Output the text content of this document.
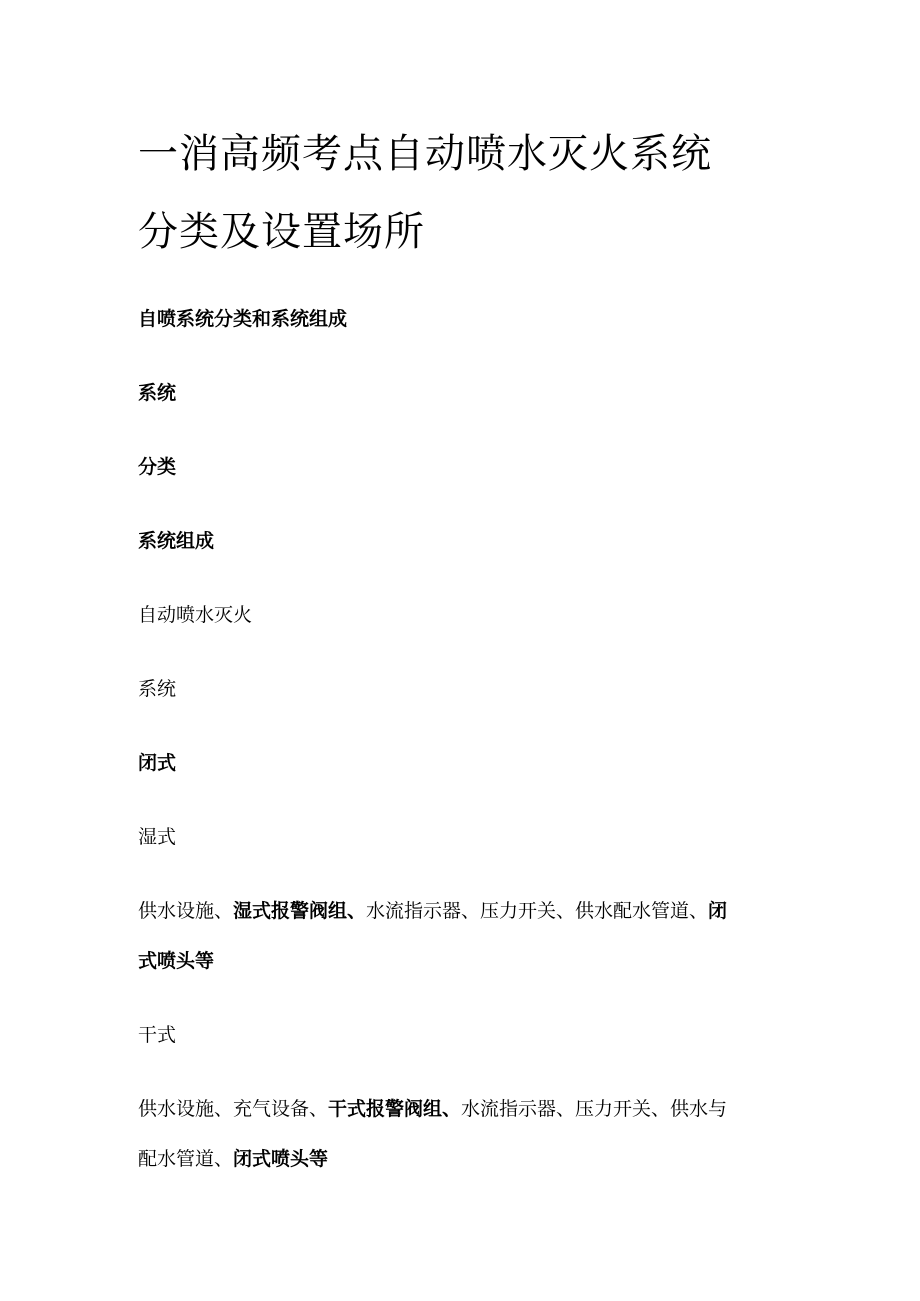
一消高频考点自动喷水灭火系统
分类及设置场所

自喷系统分类和系统组成

系统

分类

系统组成

自动喷水灭火

系统

闭式

湿式

供水设施、湿式报警阀组、水流指示器、压力开关、供水配水管道、闭

式喷头等

干式

供水设施、充气设备、干式报警阀组、水流指示器、压力开关、供水与

配水管道、闭式喷头等
